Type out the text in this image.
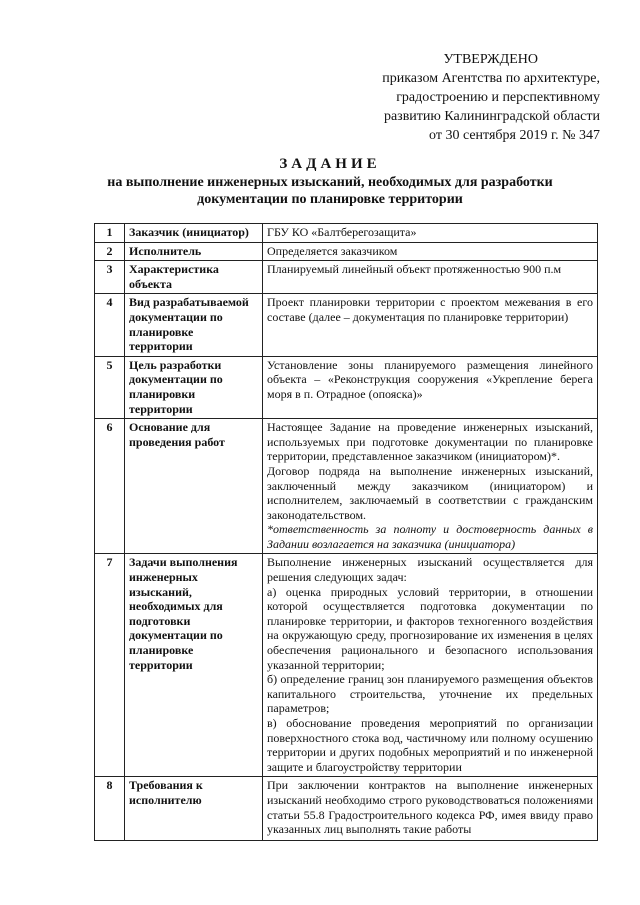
УТВЕРЖДЕНО
приказом Агентства по архитектуре,
градостроению и перспективному
развитию Калининградской области
от 30 сентября 2019 г. № 347
ЗАДАНИЕ
на выполнение инженерных изысканий, необходимых для разработки
документации по планировке территории
1	Заказчик (инициатор)	ГБУ КО «Балтберегозащита»
2	Исполнитель	Определяется заказчиком
3	Характеристика объекта	Планируемый линейный объект протяженностью 900 п.м
4	Вид разрабатываемой документации по планировке территории	Проект планировки территории с проектом межевания в его составе (далее – документация по планировке территории)
5	Цель разработки документации по планировки территории	Установление зоны планируемого размещения линейного объекта – «Реконструкция сооружения «Укрепление берега моря в п. Отрадное (опояска)»
6	Основание для проведения работ	Настоящее Задание на проведение инженерных изысканий, используемых при подготовке документации по планировке территории, представленное заказчиком (инициатором)*.

Договор подряда на выполнение инженерных изысканий, заключенный между заказчиком (инициатором) и исполнителем, заключаемый в соответствии с гражданским законодательством.

*ответственность за полноту и достоверность данных в Задании возлагается на заказчика (инициатора)

7	Задачи выполнения инженерных изысканий, необходимых для подготовки документации по планировке территории	Выполнение инженерных изысканий осуществляется для решения следующих задач:

а) оценка природных условий территории, в отношении которой осуществляется подготовка документации по планировке территории, и факторов техногенного воздействия на окружающую среду, прогнозирование их изменения в целях обеспечения рационального и безопасного использования указанной территории;

б) определение границ зон планируемого размещения объектов капитального строительства, уточнение их предельных параметров;

в) обоснование проведения мероприятий по организации поверхностного стока вод, частичному или полному осушению территории и других подобных мероприятий и по инженерной защите и благоустройству территории

8	Требования к исполнителю	При заключении контрактов на выполнение инженерных изысканий необходимо строго руководствоваться положениями статьи 55.8 Градостроительного кодекса РФ, имея ввиду право указанных лиц выполнять такие работы
